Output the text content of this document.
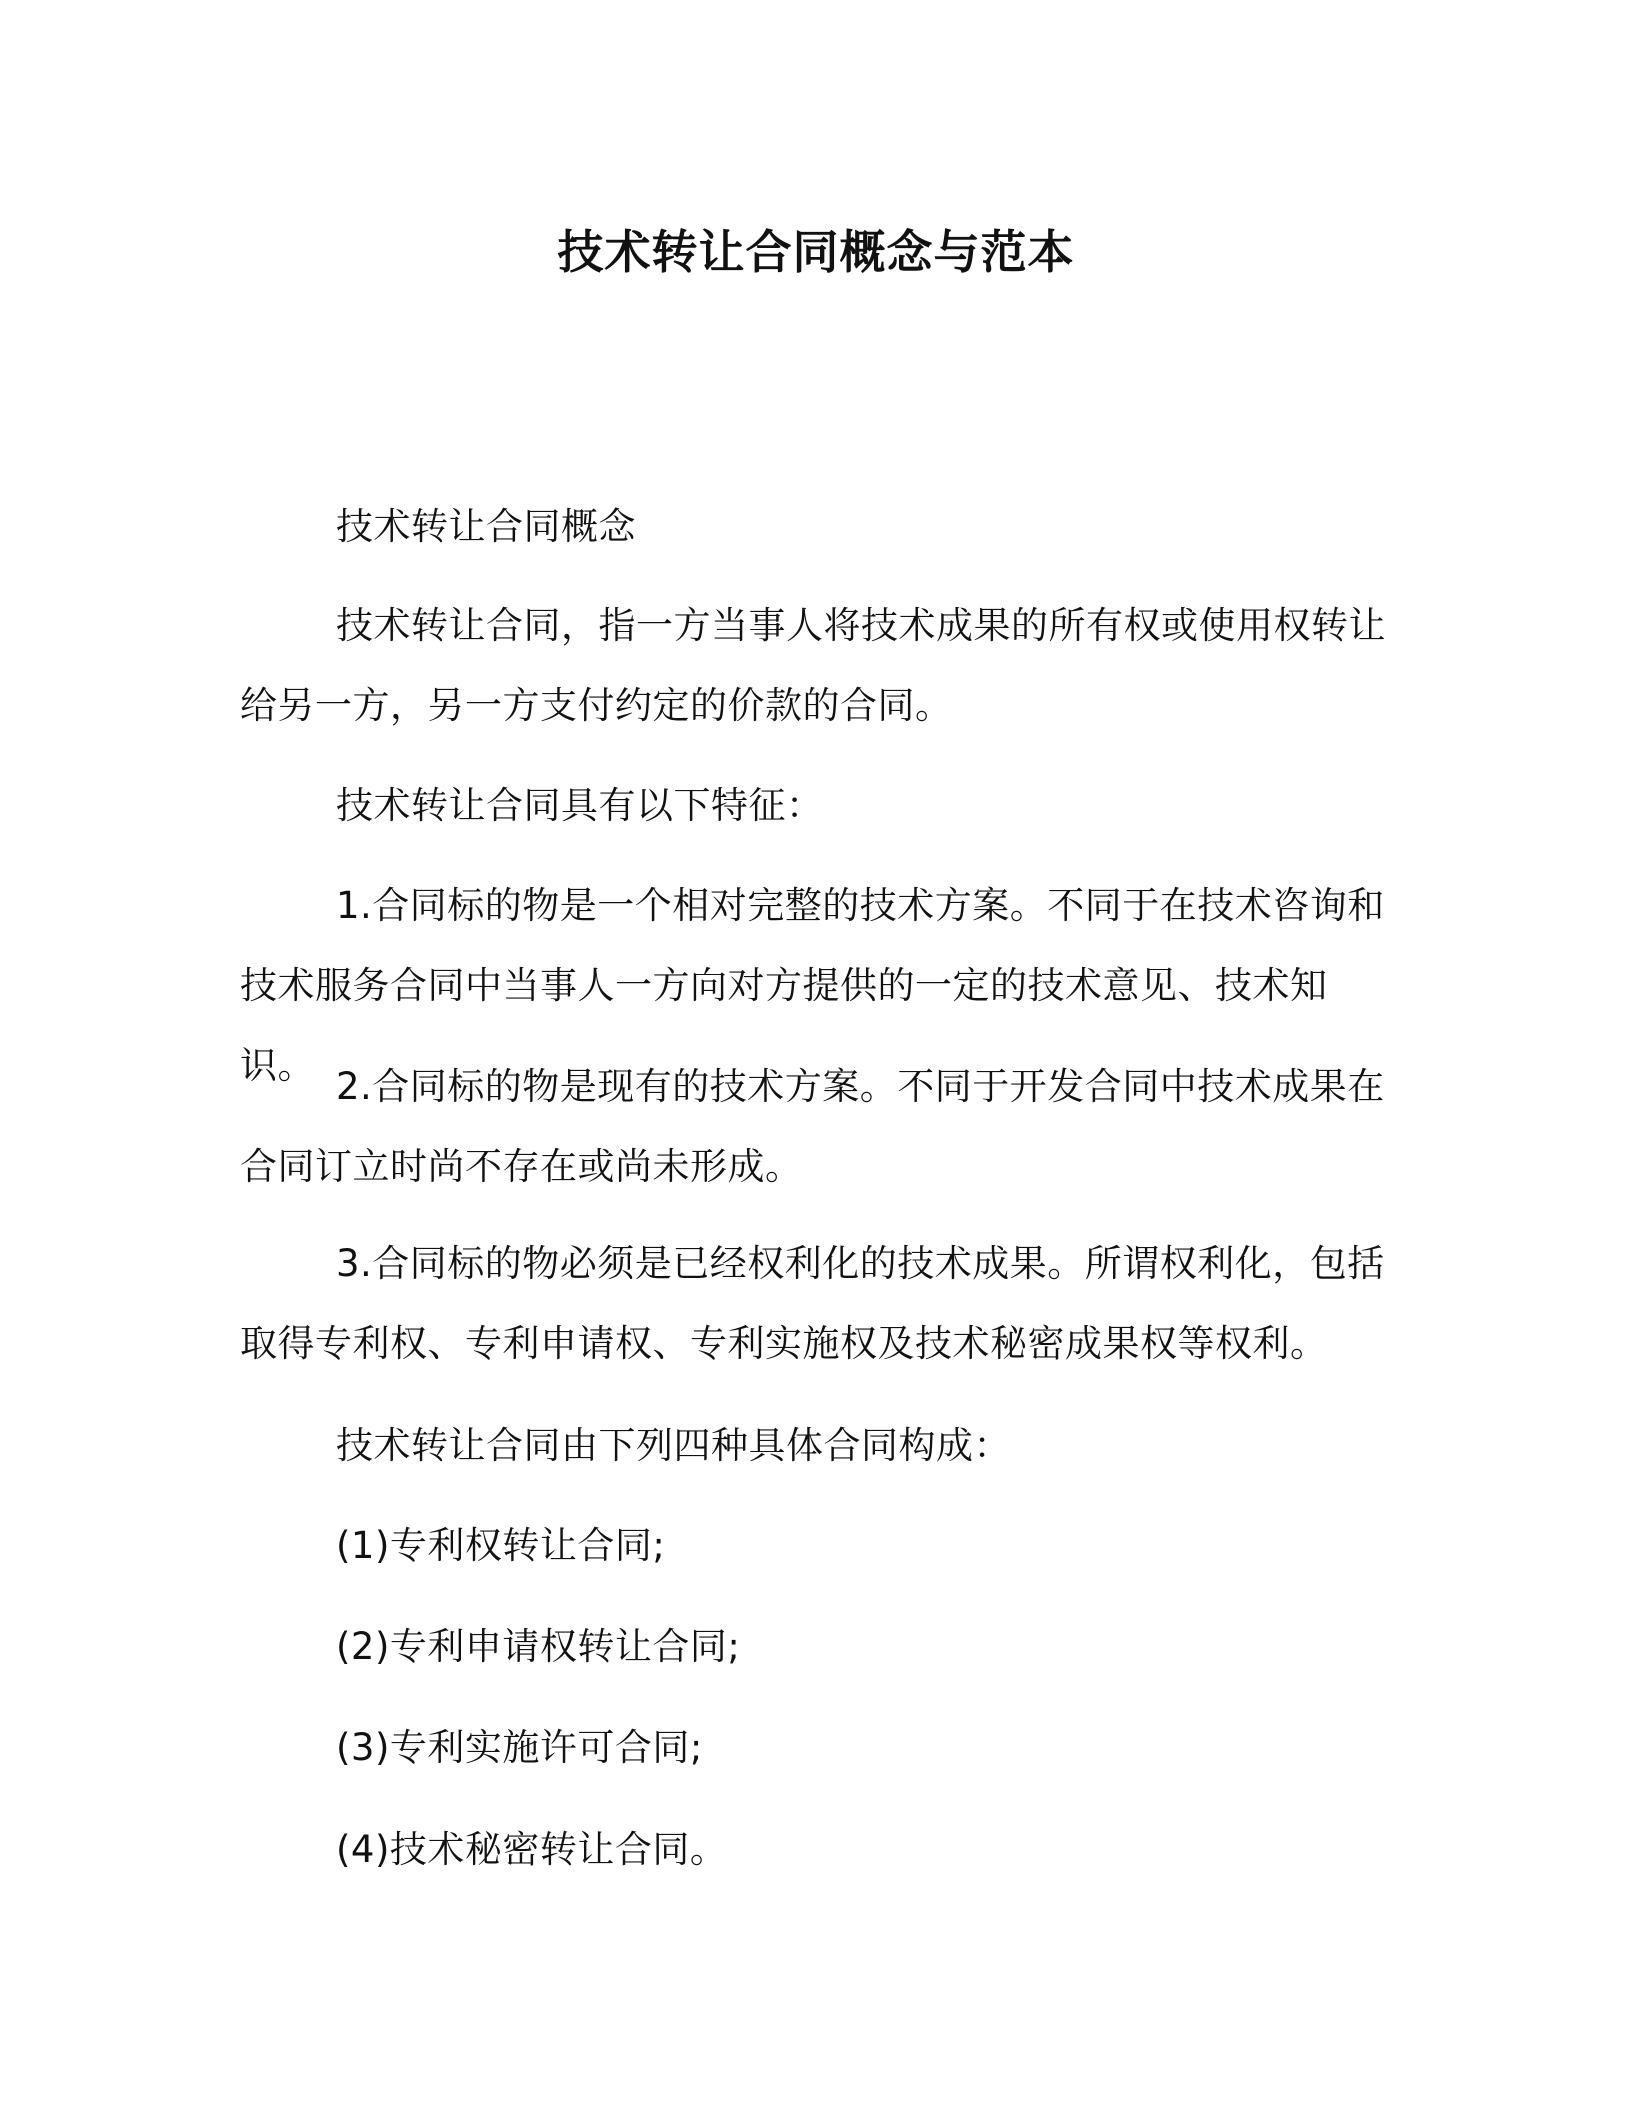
技术转让合同概念与范本
技术转让合同概念
技术转让合同，指一方当事人将技术成果的所有权或使用权转让
给另一方，另一方支付约定的价款的合同。
技术转让合同具有以下特征：
1.合同标的物是一个相对完整的技术方案。不同于在技术咨询和
技术服务合同中当事人一方向对方提供的一定的技术意见、技术知识。 2.合同标的物是现有的技术方案。不同于开发合同中技术成果在
合同订立时尚不存在或尚未形成。
3.合同标的物必须是已经权利化的技术成果。所谓权利化，包括
取得专利权、专利申请权、专利实施权及技术秘密成果权等权利。
技术转让合同由下列四种具体合同构成：
(1)专利权转让合同;
(2)专利申请权转让合同;
(3)专利实施许可合同;
(4)技术秘密转让合同。
